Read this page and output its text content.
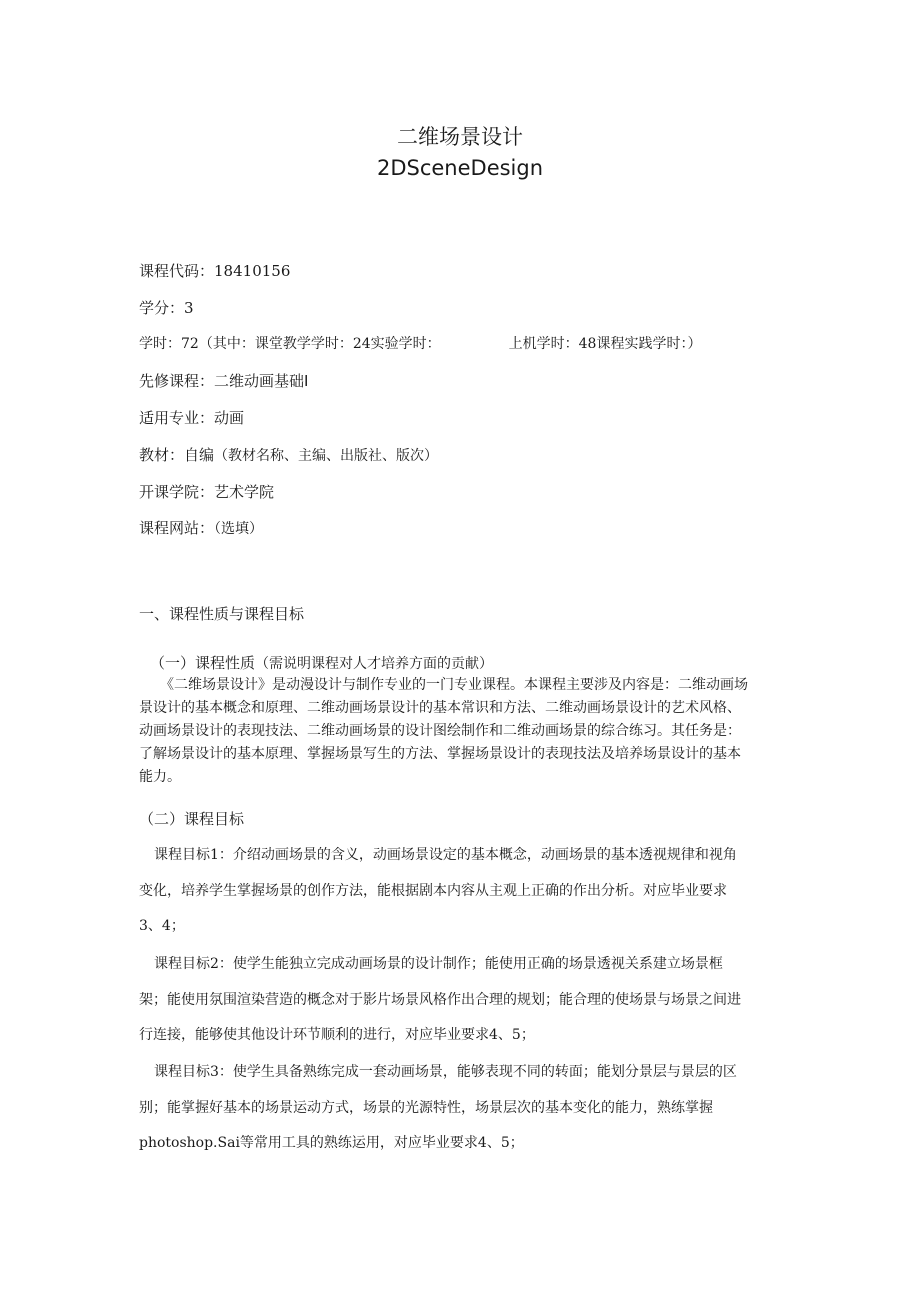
二维场景设计
2DSceneDesign
课程代码：18410156
学分：3
学时：72（其中：课堂教学学时：24实验学时：	上机学时：48课程实践学时：）
先修课程：二维动画基础Ⅰ
适用专业：动画
教材：自编（教材名称、主编、出版社、版次）
开课学院：艺术学院
课程网站：（选填）
一、课程性质与课程目标
（一）课程性质（需说明课程对人才培养方面的贡献）
《二维场景设计》是动漫设计与制作专业的一门专业课程。本课程主要涉及内容是：二维动画场
景设计的基本概念和原理、二维动画场景设计的基本常识和方法、二维动画场景设计的艺术风格、
动画场景设计的表现技法、二维动画场景的设计图绘制作和二维动画场景的综合练习。其任务是：
了解场景设计的基本原理、掌握场景写生的方法、掌握场景设计的表现技法及培养场景设计的基本
能力。
（二）课程目标
课程目标1：介绍动画场景的含义，动画场景设定的基本概念，动画场景的基本透视规律和视角
变化，培养学生掌握场景的创作方法，能根据剧本内容从主观上正确的作出分析。对应毕业要求
3、4；
课程目标2：使学生能独立完成动画场景的设计制作；能使用正确的场景透视关系建立场景框
架；能使用氛围渲染营造的概念对于影片场景风格作出合理的规划；能合理的使场景与场景之间进
行连接，能够使其他设计环节顺利的进行，对应毕业要求4、5；
课程目标3：使学生具备熟练完成一套动画场景，能够表现不同的转面；能划分景层与景层的区
别；能掌握好基本的场景运动方式，场景的光源特性，场景层次的基本变化的能力，熟练掌握
photoshop.Sai等常用工具的熟练运用，对应毕业要求4、5；
